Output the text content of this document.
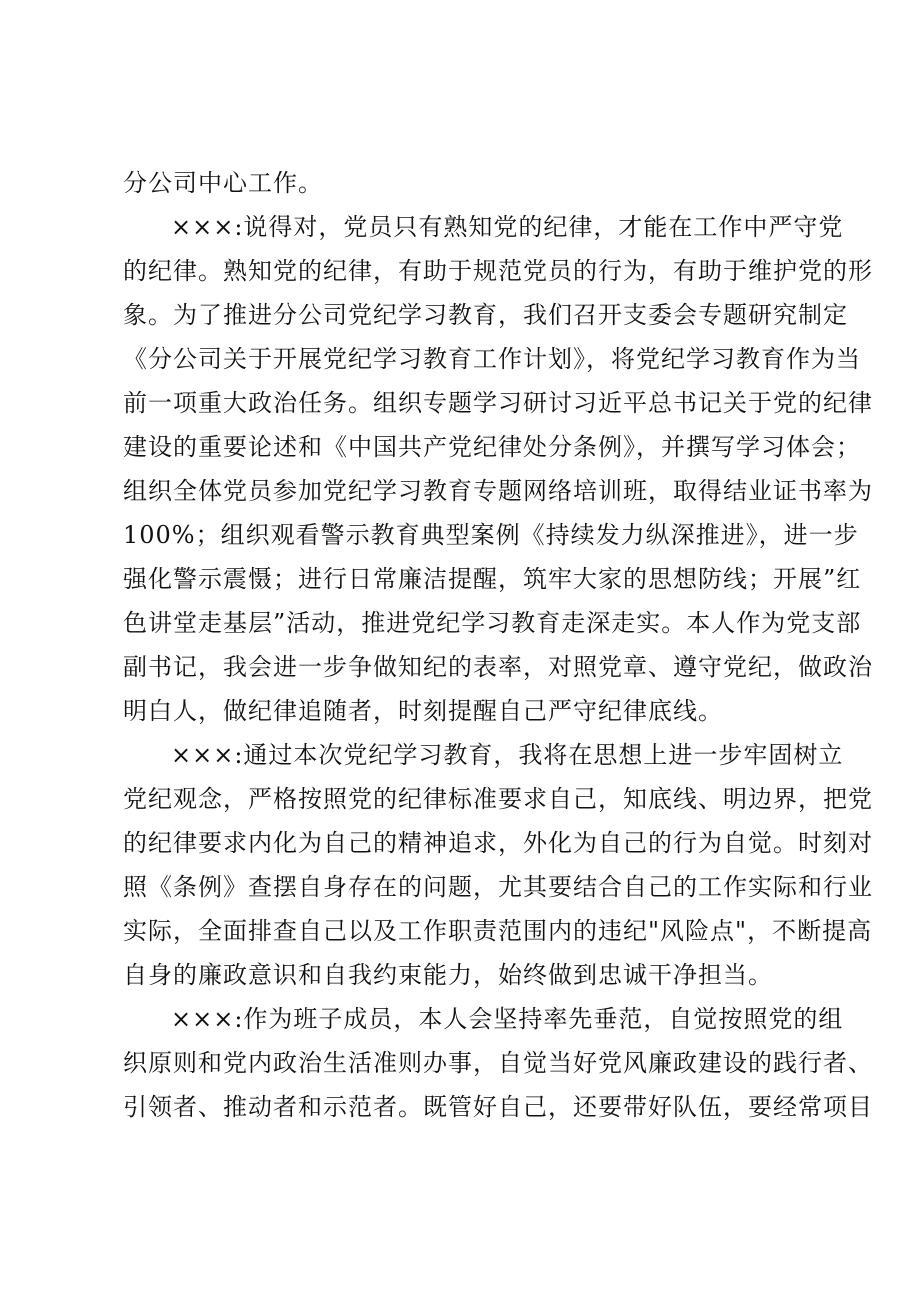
分公司中心工作。
×××:说得对，党员只有熟知党的纪律，才能在工作中严守党
的纪律。熟知党的纪律，有助于规范党员的行为，有助于维护党的形
象。为了推进分公司党纪学习教育，我们召开支委会专题研究制定
《分公司关于开展党纪学习教育工作计划》，将党纪学习教育作为当
前一项重大政治任务。组织专题学习研讨习近平总书记关于党的纪律
建设的重要论述和《中国共产党纪律处分条例》，并撰写学习体会；
组织全体党员参加党纪学习教育专题网络培训班，取得结业证书率为
100%；组织观看警示教育典型案例《持续发力纵深推进》，进一步
强化警示震慑；进行日常廉洁提醒，筑牢大家的思想防线；开展”红
色讲堂走基层”活动，推进党纪学习教育走深走实。本人作为党支部
副书记，我会进一步争做知纪的表率，对照党章、遵守党纪，做政治
明白人，做纪律追随者，时刻提醒自己严守纪律底线。
×××:通过本次党纪学习教育，我将在思想上进一步牢固树立
党纪观念，严格按照党的纪律标准要求自己，知底线、明边界，把党
的纪律要求内化为自己的精神追求，外化为自己的行为自觉。时刻对
照《条例》查摆自身存在的问题，尤其要结合自己的工作实际和行业
实际，全面排查自己以及工作职责范围内的违纪"风险点"，不断提高
自身的廉政意识和自我约束能力，始终做到忠诚干净担当。
×××:作为班子成员，本人会坚持率先垂范，自觉按照党的组
织原则和党内政治生活准则办事，自觉当好党风廉政建设的践行者、
引领者、推动者和示范者。既管好自己，还要带好队伍，要经常项目
